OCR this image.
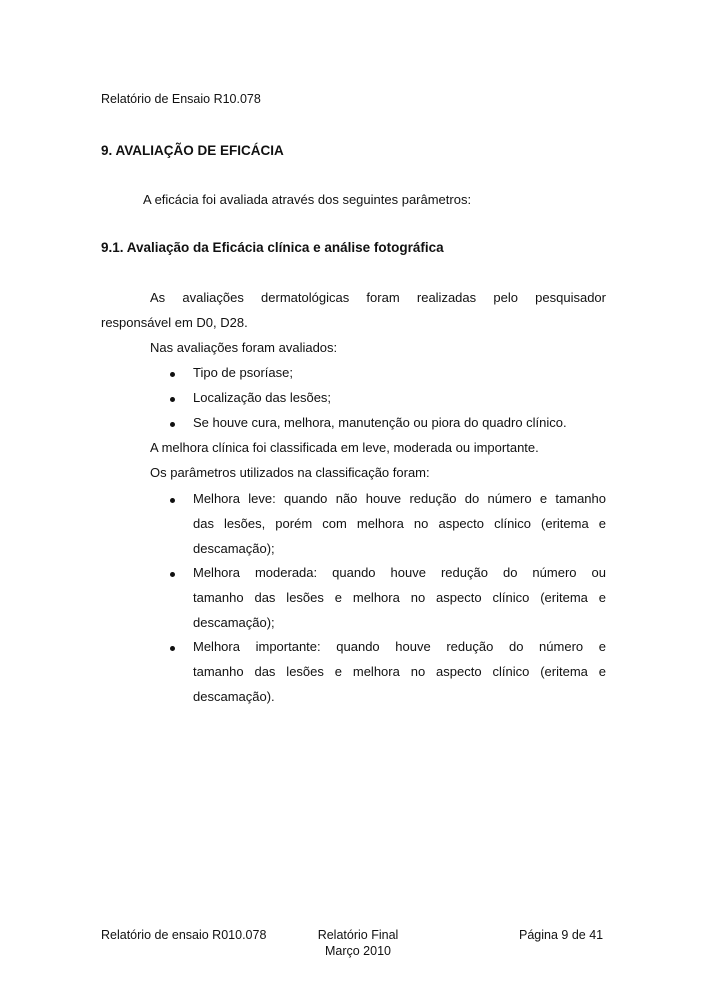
Relatório de Ensaio R10.078
9. AVALIAÇÃO DE EFICÁCIA
A eficácia foi avaliada através dos seguintes parâmetros:
9.1. Avaliação da Eficácia clínica e análise fotográfica
As avaliações dermatológicas foram realizadas pelo pesquisador
responsável em D0, D28.
Nas avaliações foram avaliados:
Tipo de psoríase;
Localização das lesões;
Se houve cura, melhora, manutenção ou piora do quadro clínico.
A melhora clínica foi classificada em leve, moderada ou importante.
Os parâmetros utilizados na classificação foram:
Melhora leve: quando não houve redução do número e tamanho
das lesões, porém com melhora no aspecto clínico (eritema e
descamação);
Melhora moderada: quando houve redução do número ou
tamanho das lesões e melhora no aspecto clínico (eritema e
descamação);
Melhora importante: quando houve redução do número e
tamanho das lesões e melhora no aspecto clínico (eritema e
descamação).
Relatório de ensaio R010.078	Relatório Final
Março 2010
Página 9 de 41
